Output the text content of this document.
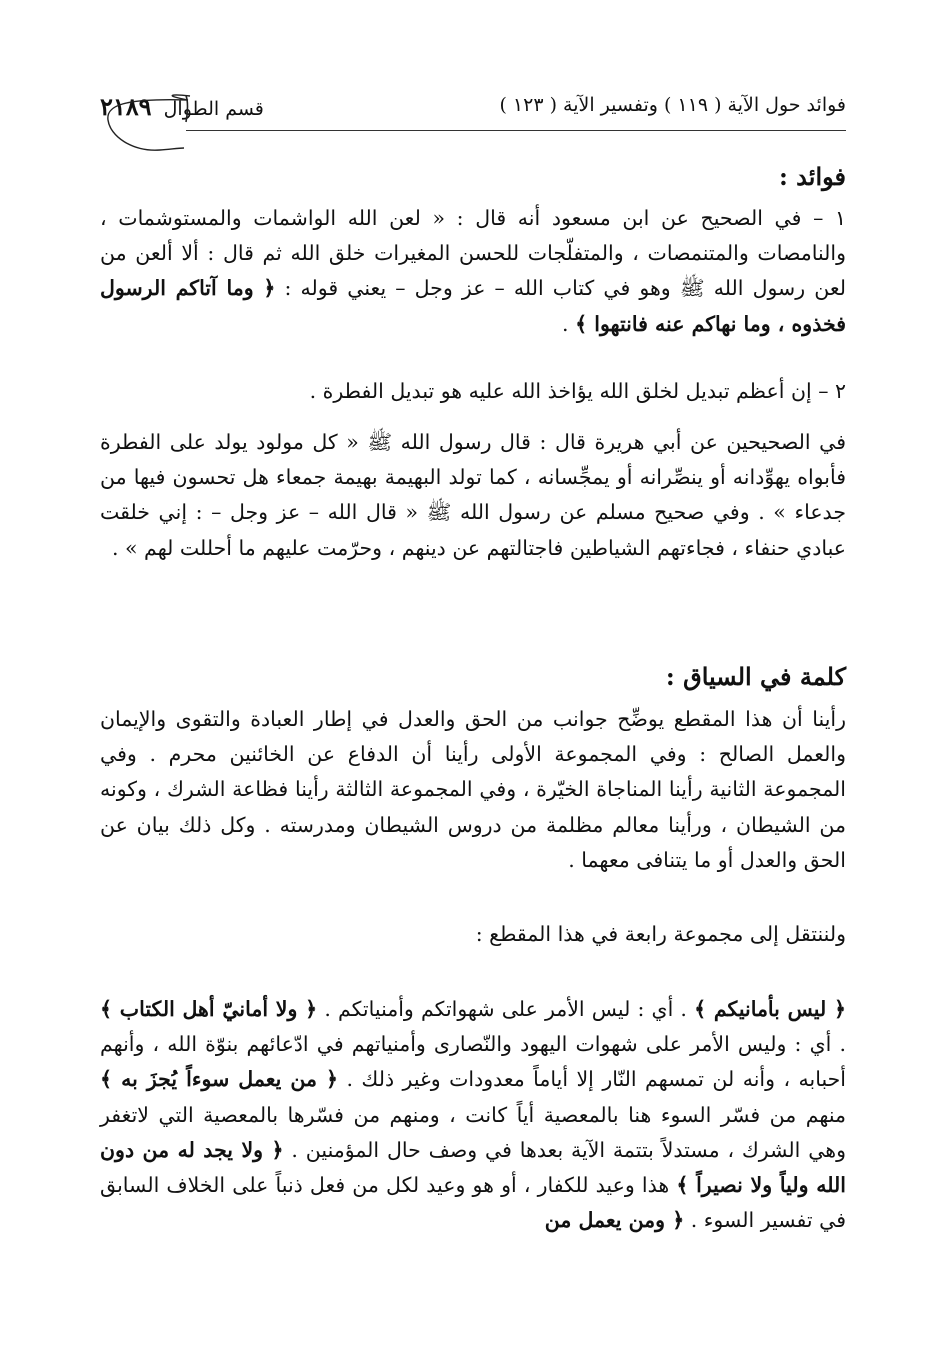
فوائد حول الآية ( ١١٩ ) وتفسير الآية ( ١٢٣ )
قسم الطوال ٢١٨٩
فوائد :

١ – في الصحيح عن ابن مسعود أنه قال : « لعن الله الواشمات والمستوشمات ، والنامصات والمتنمصات ، والمتفلّجات للحسن المغيرات خلق الله ثم قال : ألا ألعن من لعن رسول الله ﷺ وهو في كتاب الله – عز وجل – يعني قوله : ﴿ وما آتاكم الرسول فخذوه ، وما نهاكم عنه فانتهوا ﴾ .

٢ – إن أعظم تبديل لخلق الله يؤاخذ الله عليه هو تبديل الفطرة .
في الصحيحين عن أبي هريرة قال : قال رسول الله ﷺ « كل مولود يولد على الفطرة فأبواه يهوِّدانه أو ينصِّرانه أو يمجِّسانه ، كما تولد البهيمة بهيمة جمعاء هل تحسون فيها من جدعاء » . وفي صحيح مسلم عن رسول الله ﷺ « قال الله – عز وجل – : إني خلقت عبادي حنفاء ، فجاءتهم الشياطين فاجتالتهم عن دينهم ، وحرّمت عليهم ما أحللت لهم » .
كلمة في السياق :
رأينا أن هذا المقطع يوضِّح جوانب من الحق والعدل في إطار العبادة والتقوى والإيمان والعمل الصالح : وفي المجموعة الأولى رأينا أن الدفاع عن الخائنين محرم . وفي المجموعة الثانية رأينا المناجاة الخيّرة ، وفي المجموعة الثالثة رأينا فظاعة الشرك ، وكونه من الشيطان ، ورأينا معالم مظلمة من دروس الشيطان ومدرسته . وكل ذلك بيان عن الحق والعدل أو ما يتنافى معهما .
ولننتقل إلى مجموعة رابعة في هذا المقطع :

﴿ ليس بأمانيكم ﴾ . أي : ليس الأمر على شهواتكم وأمنياتكم . ﴿ ولا أمانيّ أهل الكتاب ﴾ . أي : وليس الأمر على شهوات اليهود والنّصارى وأمنياتهم في ادّعائهم بنوّة الله ، وأنهم أحبابه ، وأنه لن تمسهم النّار إلا أياماً معدودات وغير ذلك . ﴿ من يعمل سوءاً يُجزَ به ﴾ منهم من فسّر السوء هنا بالمعصية أياً كانت ، ومنهم من فسّرها بالمعصية التي لاتغفر وهي الشرك ، مستدلاً بتتمة الآية بعدها في وصف حال المؤمنين . ﴿ ولا يجد له من دون الله ولياً ولا نصيراً ﴾ هذا وعيد للكفار ، أو هو وعيد لكل من فعل ذنباً على الخلاف السابق في تفسير السوء . ﴿ ومن يعمل من
